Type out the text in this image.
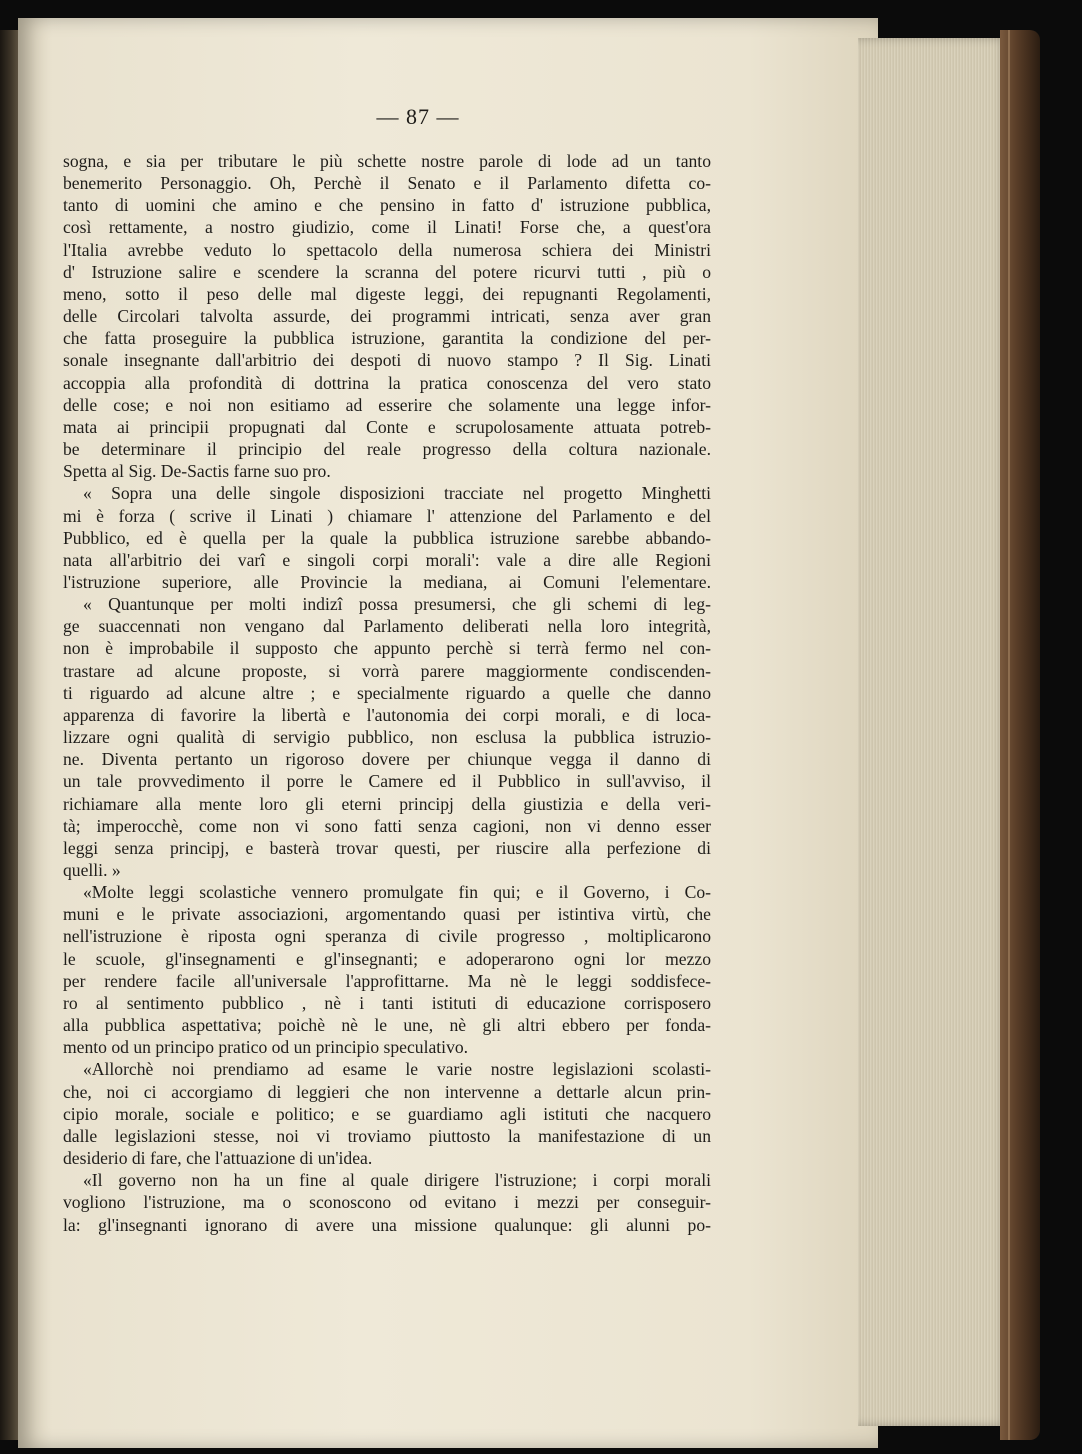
— 87 —
sogna, e sia per tributare le più schette nostre parole di lode ad un tanto
benemerito Personaggio. Oh, Perchè il Senato e il Parlamento difetta co-
tanto di uomini che amino e che pensino in fatto d' istruzione pubblica,
così rettamente, a nostro giudizio, come il Linati! Forse che, a quest'ora
l'Italia avrebbe veduto lo spettacolo della numerosa schiera dei Ministri
d' Istruzione salire e scendere la scranna del potere ricurvi tutti , più o
meno, sotto il peso delle mal digeste leggi, dei repugnanti Regolamenti,
delle Circolari talvolta assurde, dei programmi intricati, senza aver gran
che fatta proseguire la pubblica istruzione, garantita la condizione del per-
sonale insegnante dall'arbitrio dei despoti di nuovo stampo ? Il Sig. Linati
accoppia alla profondità di dottrina la pratica conoscenza del vero stato
delle cose; e noi non esitiamo ad esserire che solamente una legge infor-
mata ai principii propugnati dal Conte e scrupolosamente attuata potreb-
be determinare il principio del reale progresso della coltura nazionale.
Spetta al Sig. De-Sactis farne suo pro.
« Sopra una delle singole disposizioni tracciate nel progetto Minghetti
mi è forza ( scrive il Linati ) chiamare l' attenzione del Parlamento e del
Pubblico, ed è quella per la quale la pubblica istruzione sarebbe abbando-
nata all'arbitrio dei varî e singoli corpi morali': vale a dire alle Regioni
l'istruzione superiore, alle Provincie la mediana, ai Comuni l'elementare.
« Quantunque per molti indizî possa presumersi, che gli schemi di leg-
ge suaccennati non vengano dal Parlamento deliberati nella loro integrità,
non è improbabile il supposto che appunto perchè si terrà fermo nel con-
trastare ad alcune proposte, si vorrà parere maggiormente condiscenden-
ti riguardo ad alcune altre ; e specialmente riguardo a quelle che danno
apparenza di favorire la libertà e l'autonomia dei corpi morali, e di loca-
lizzare ogni qualità di servigio pubblico, non esclusa la pubblica istruzio-
ne. Diventa pertanto un rigoroso dovere per chiunque vegga il danno di
un tale provvedimento il porre le Camere ed il Pubblico in sull'avviso, il
richiamare alla mente loro gli eterni principj della giustizia e della veri-
tà; imperocchè, come non vi sono fatti senza cagioni, non vi denno esser
leggi senza principj, e basterà trovar questi, per riuscire alla perfezione di
quelli. »
«Molte leggi scolastiche vennero promulgate fin qui; e il Governo, i Co-
muni e le private associazioni, argomentando quasi per istintiva virtù, che
nell'istruzione è riposta ogni speranza di civile progresso , moltiplicarono
le scuole, gl'insegnamenti e gl'insegnanti; e adoperarono ogni lor mezzo
per rendere facile all'universale l'approfittarne. Ma nè le leggi soddisfece-
ro al sentimento pubblico , nè i tanti istituti di educazione corrisposero
alla pubblica aspettativa; poichè nè le une, nè gli altri ebbero per fonda-
mento od un principo pratico od un principio speculativo.
«Allorchè noi prendiamo ad esame le varie nostre legislazioni scolasti-
che, noi ci accorgiamo di leggieri che non intervenne a dettarle alcun prin-
cipio morale, sociale e politico; e se guardiamo agli istituti che nacquero
dalle legislazioni stesse, noi vi troviamo piuttosto la manifestazione di un
desiderio di fare, che l'attuazione di un'idea.
«Il governo non ha un fine al quale dirigere l'istruzione; i corpi morali
vogliono l'istruzione, ma o sconoscono od evitano i mezzi per conseguir-
la: gl'insegnanti ignorano di avere una missione qualunque: gli alunni po-
